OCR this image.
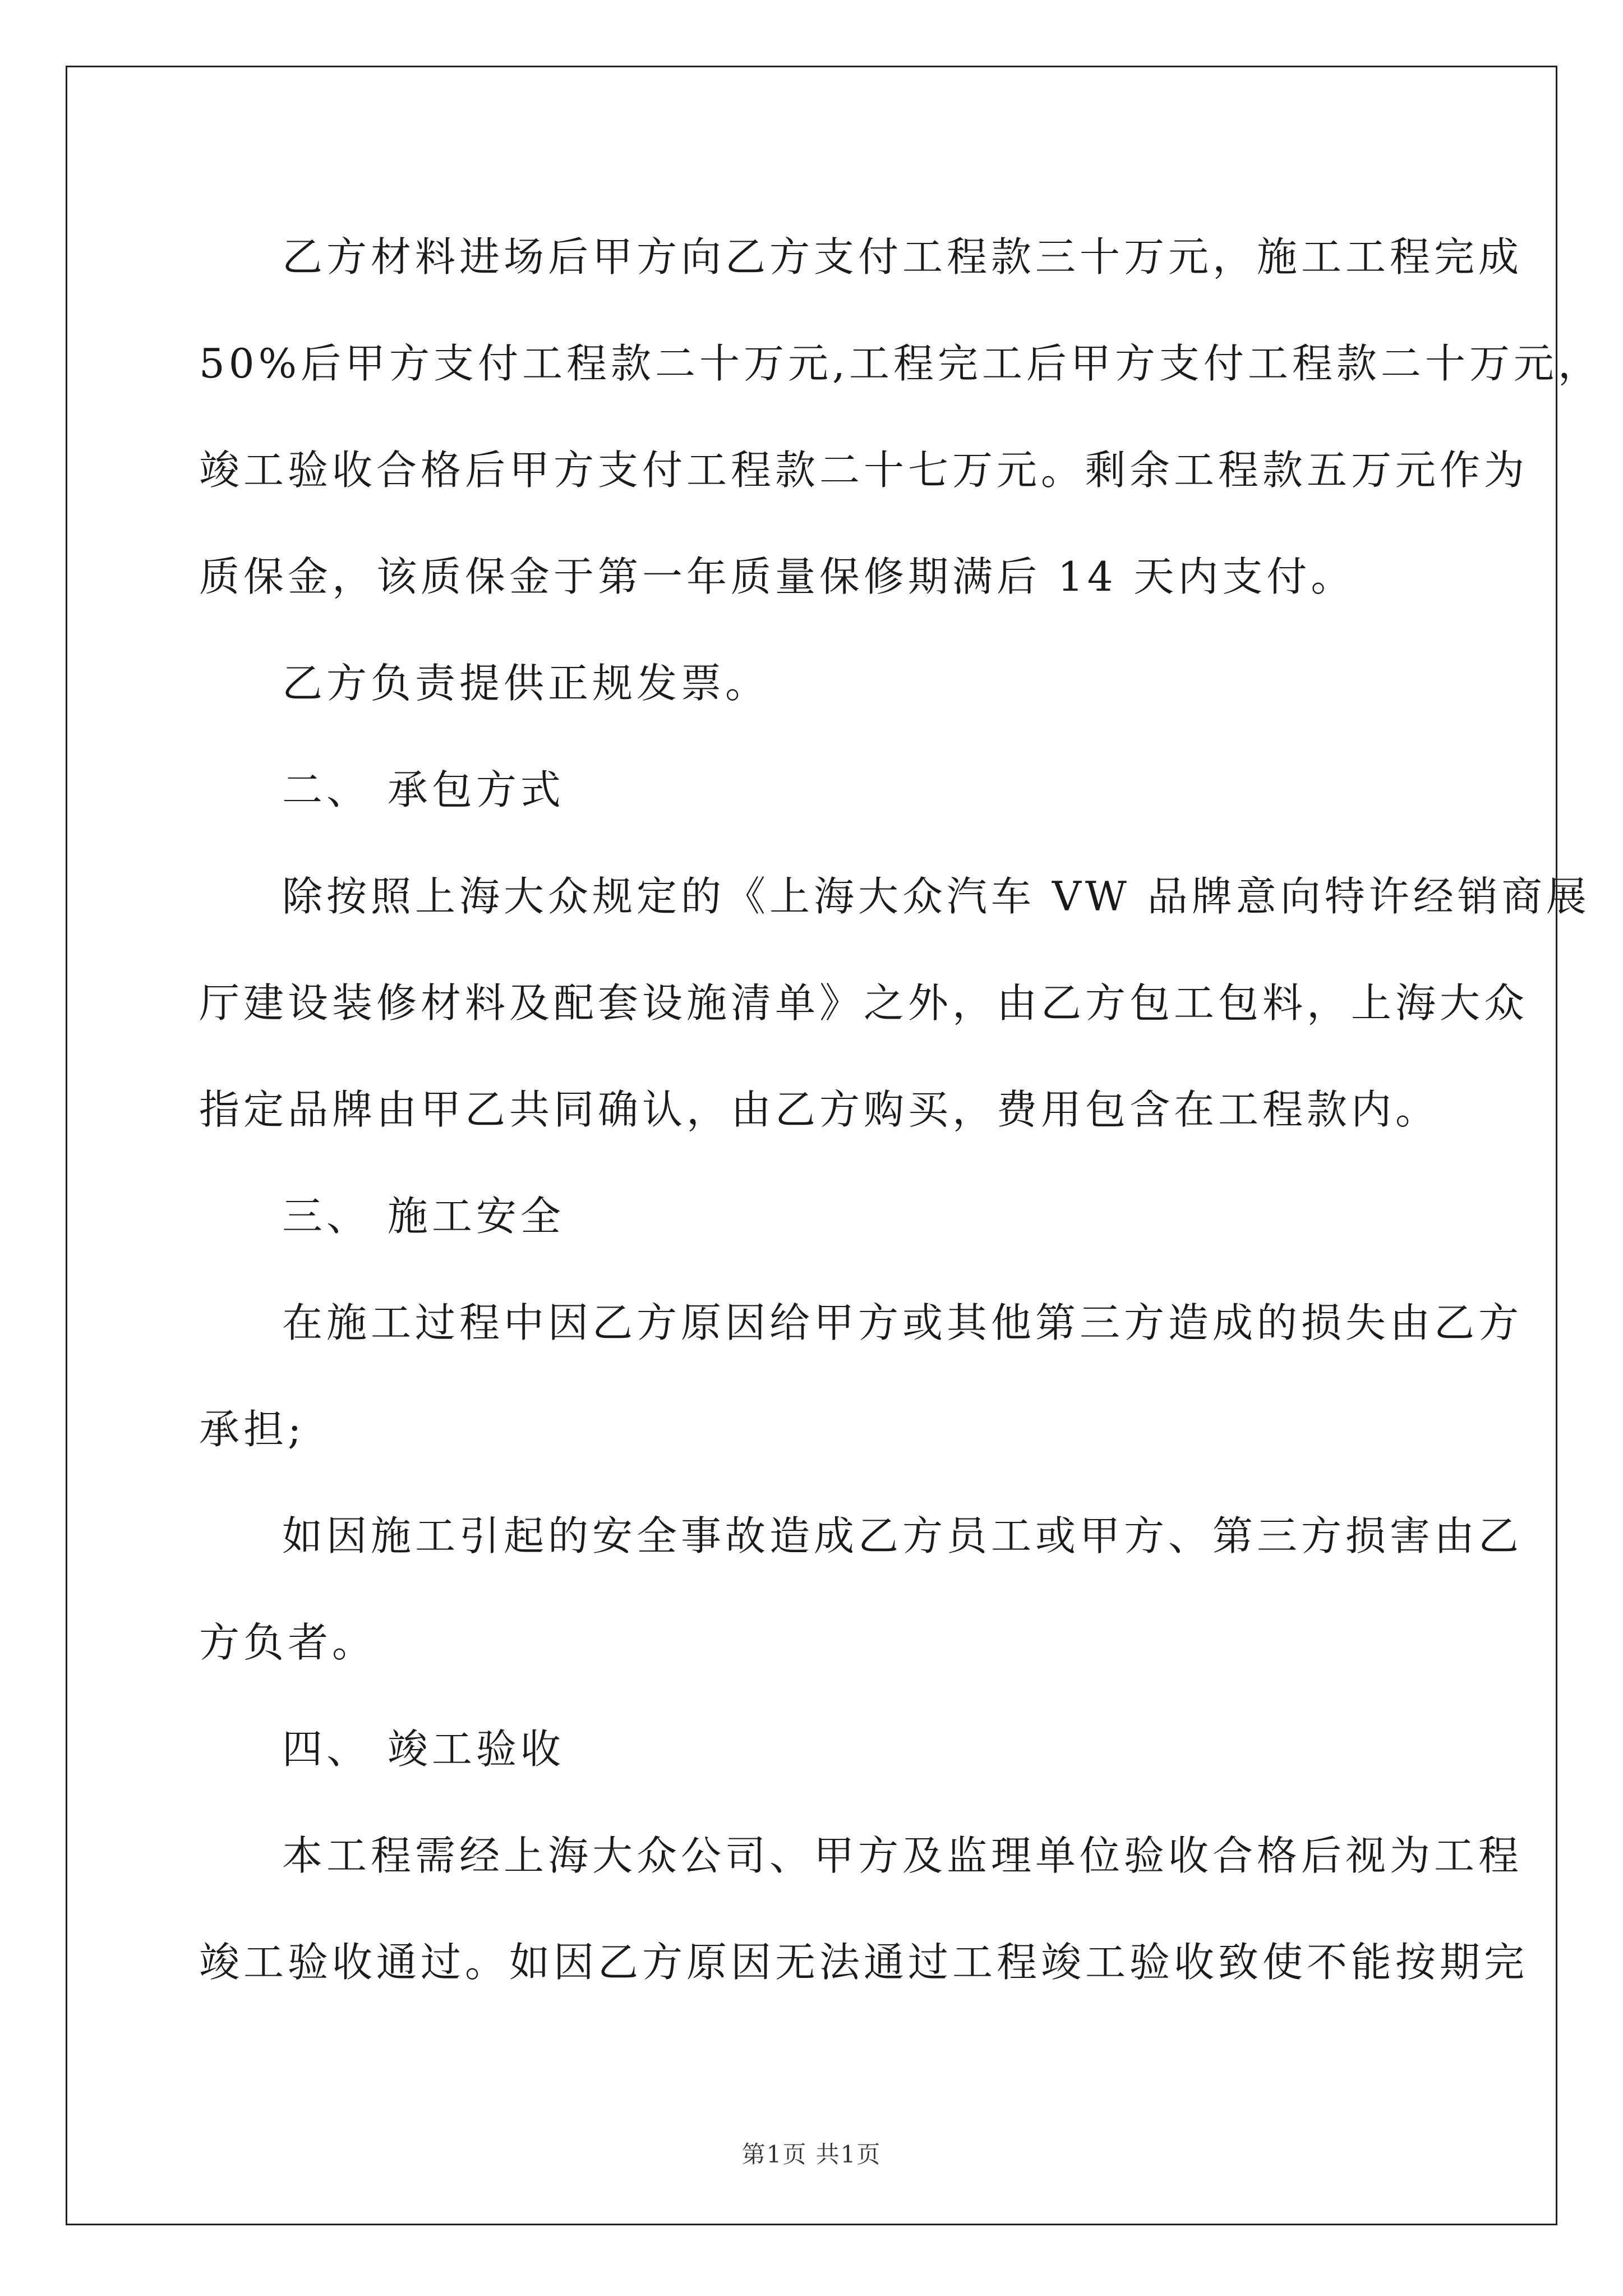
乙方材料进场后甲方向乙方支付工程款三十万元，施工工程完成
50%后甲方支付工程款二十万元,工程完工后甲方支付工程款二十万元，
竣工验收合格后甲方支付工程款二十七万元。剩余工程款五万元作为
质保金，该质保金于第一年质量保修期满后 14 天内支付。
乙方负责提供正规发票。
二、 承包方式
除按照上海大众规定的《上海大众汽车 VW 品牌意向特许经销商展
厅建设装修材料及配套设施清单》之外，由乙方包工包料，上海大众
指定品牌由甲乙共同确认，由乙方购买，费用包含在工程款内。
三、 施工安全
在施工过程中因乙方原因给甲方或其他第三方造成的损失由乙方
承担;
如因施工引起的安全事故造成乙方员工或甲方、第三方损害由乙
方负者。
四、 竣工验收
本工程需经上海大众公司、甲方及监理单位验收合格后视为工程
竣工验收通过。如因乙方原因无法通过工程竣工验收致使不能按期完
第1页 共1页
